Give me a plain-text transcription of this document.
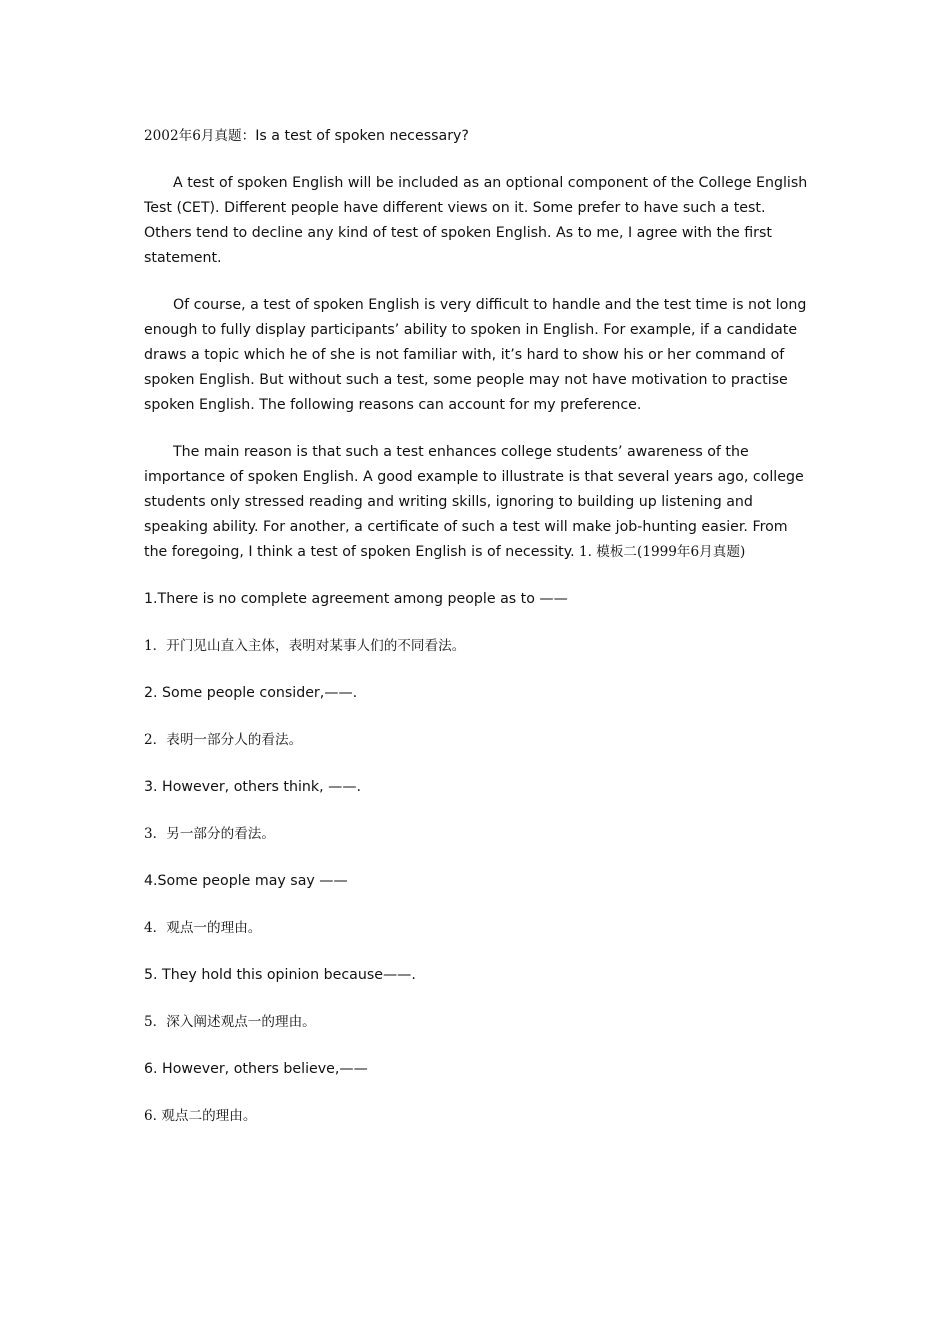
2002年6月真题：Is a test of spoken necessary?

A test of spoken English will be included as an optional component of the College English Test (CET). Different people have different views on it. Some prefer to have such a test. Others tend to decline any kind of test of spoken English. As to me, I agree with the first statement.

Of course, a test of spoken English is very difficult to handle and the test time is not long enough to fully display participants’ ability to spoken in English. For example, if a candidate draws a topic which he of she is not familiar with, it’s hard to show his or her command of spoken English. But without such a test, some people may not have motivation to practise spoken English. The following reasons can account for my preference.

The main reason is that such a test enhances college students’ awareness of the importance of spoken English. A good example to illustrate is that several years ago, college students only stressed reading and writing skills, ignoring to building up listening and speaking ability. For another, a certificate of such a test will make job-hunting easier. From the foregoing, I think a test of spoken English is of necessity. 1. 模板二(1999年6月真题)

1.There is no complete agreement among people as to ——

1．开门见山直入主体，表明对某事人们的不同看法。

2. Some people consider,——.

2．表明一部分人的看法。

3. However, others think, ——.

3．另一部分的看法。

4.Some people may say ——

4．观点一的理由。

5. They hold this opinion because——.

5．深入阐述观点一的理由。

6. However, others believe,——

6. 观点二的理由。
